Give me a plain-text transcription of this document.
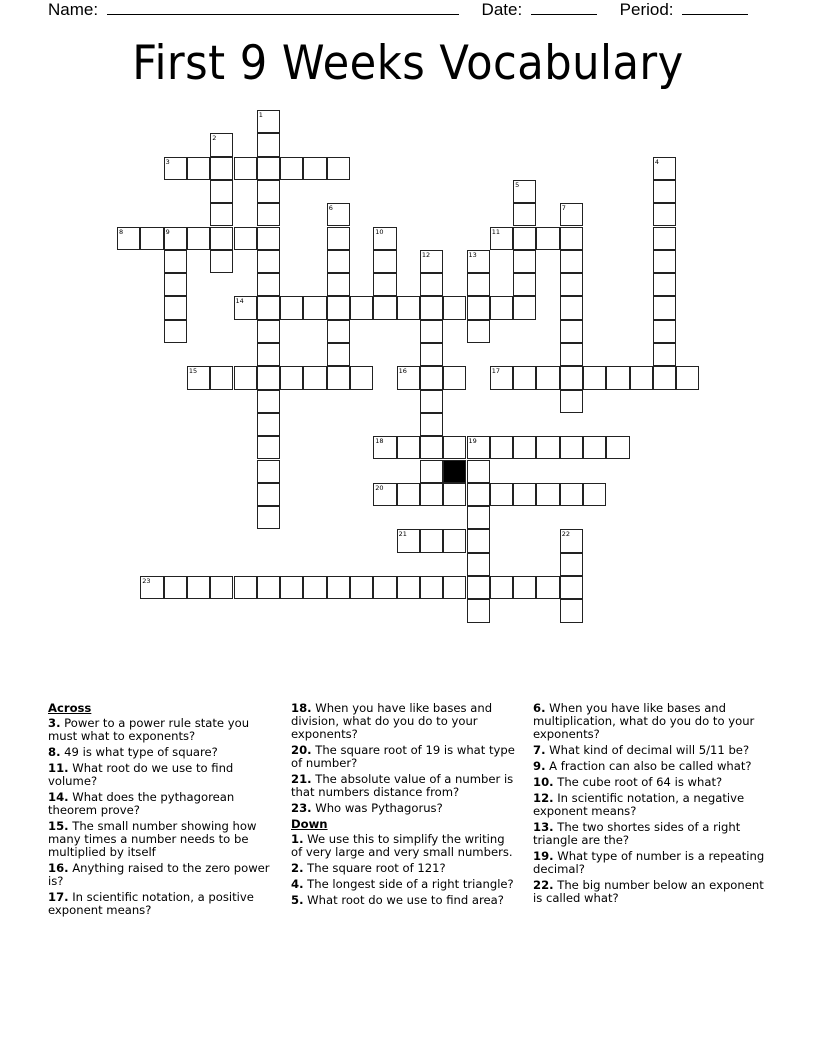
Name:	Date:	Period:
First 9 Weeks Vocabulary
1
2
3	4
5
6	7
8	9	10	11
12	13
14
15	16	17
18	19
20
21	22
23
Across
3. Power to a power rule state you must what to exponents?
8. 49 is what type of square?
11. What root do we use to find volume?
14. What does the pythagorean theorem prove?
15. The small number showing how many times a number needs to be multiplied by itself
16. Anything raised to the zero power is?
17. In scientific notation, a positive exponent means?
18. When you have like bases and division, what do you do to your exponents?
20. The square root of 19 is what type of number?
21. The absolute value of a number is that numbers distance from?
23. Who was Pythagorus?
Down
1. We use this to simplify the writing of very large and very small numbers.
2. The square root of 121?
4. The longest side of a right triangle?
5. What root do we use to find area?
6. When you have like bases and multiplication, what do you do to your exponents?
7. What kind of decimal will 5/11 be?
9. A fraction can also be called what?
10. The cube root of 64 is what?
12. In scientific notation, a negative exponent means?
13. The two shortes sides of a right triangle are the?
19. What type of number is a repeating decimal?
22. The big number below an exponent is called what?
